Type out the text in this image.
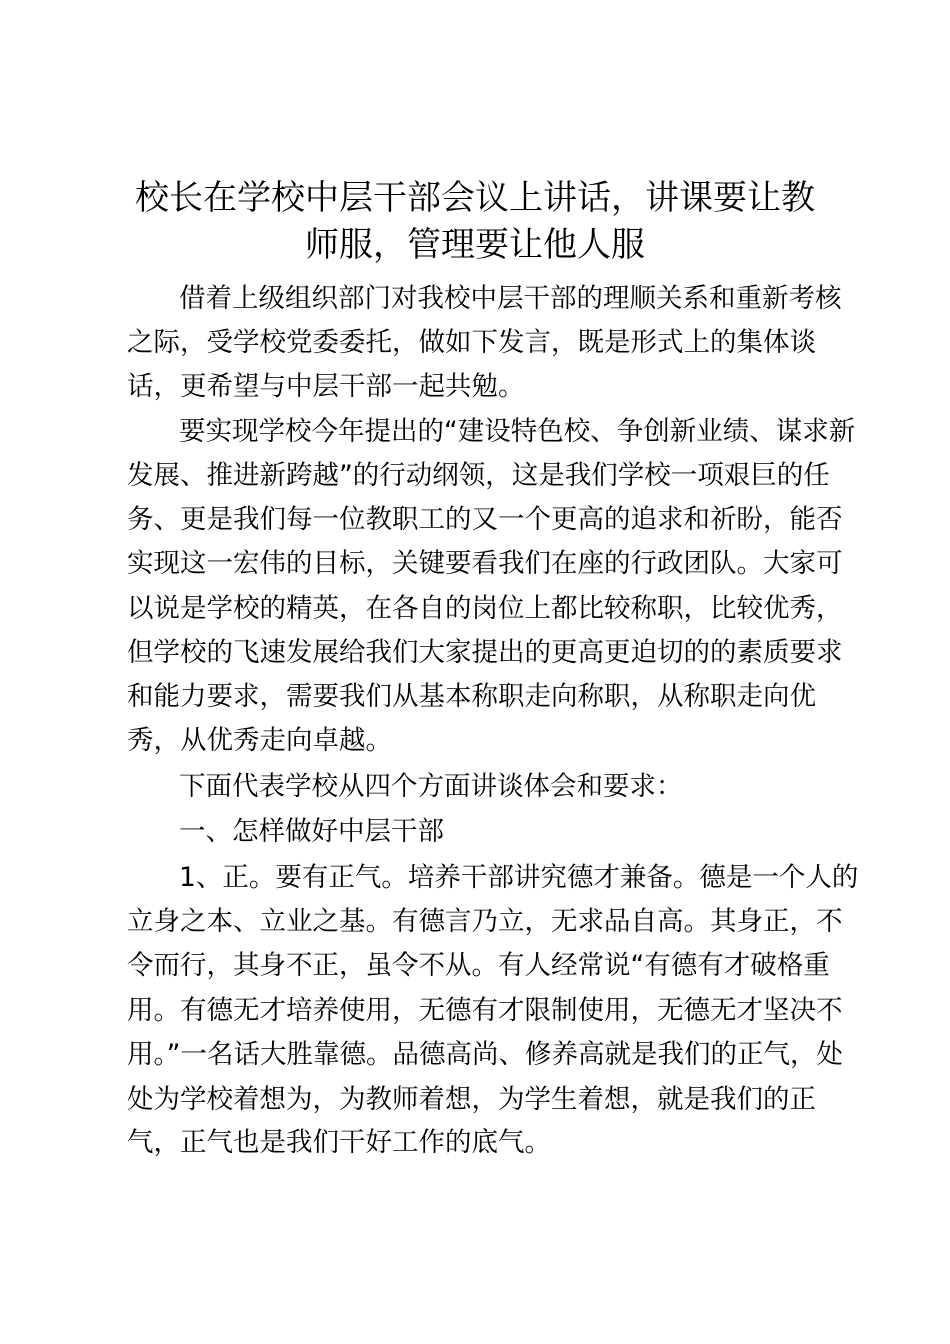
校长在学校中层干部会议上讲话，讲课要让教
师服，管理要让他人服

借着上级组织部门对我校中层干部的理顺关系和重新考核

之际，受学校党委委托，做如下发言，既是形式上的集体谈

话，更希望与中层干部一起共勉。

要实现学校今年提出的“建设特色校、争创新业绩、谋求新

发展、推进新跨越”的行动纲领，这是我们学校一项艰巨的任

务、更是我们每一位教职工的又一个更高的追求和祈盼，能否

实现这一宏伟的目标，关键要看我们在座的行政团队。大家可

以说是学校的精英，在各自的岗位上都比较称职，比较优秀，

但学校的飞速发展给我们大家提出的更高更迫切的的素质要求

和能力要求，需要我们从基本称职走向称职，从称职走向优

秀，从优秀走向卓越。

下面代表学校从四个方面讲谈体会和要求：

一、怎样做好中层干部

1、正。要有正气。培养干部讲究德才兼备。德是一个人的

立身之本、立业之基。有德言乃立，无求品自高。其身正，不

令而行，其身不正，虽令不从。有人经常说“有德有才破格重

用。有德无才培养使用，无德有才限制使用，无德无才坚决不

用。”一名话大胜靠德。品德高尚、修养高就是我们的正气，处

处为学校着想为，为教师着想，为学生着想，就是我们的正

气，正气也是我们干好工作的底气。
